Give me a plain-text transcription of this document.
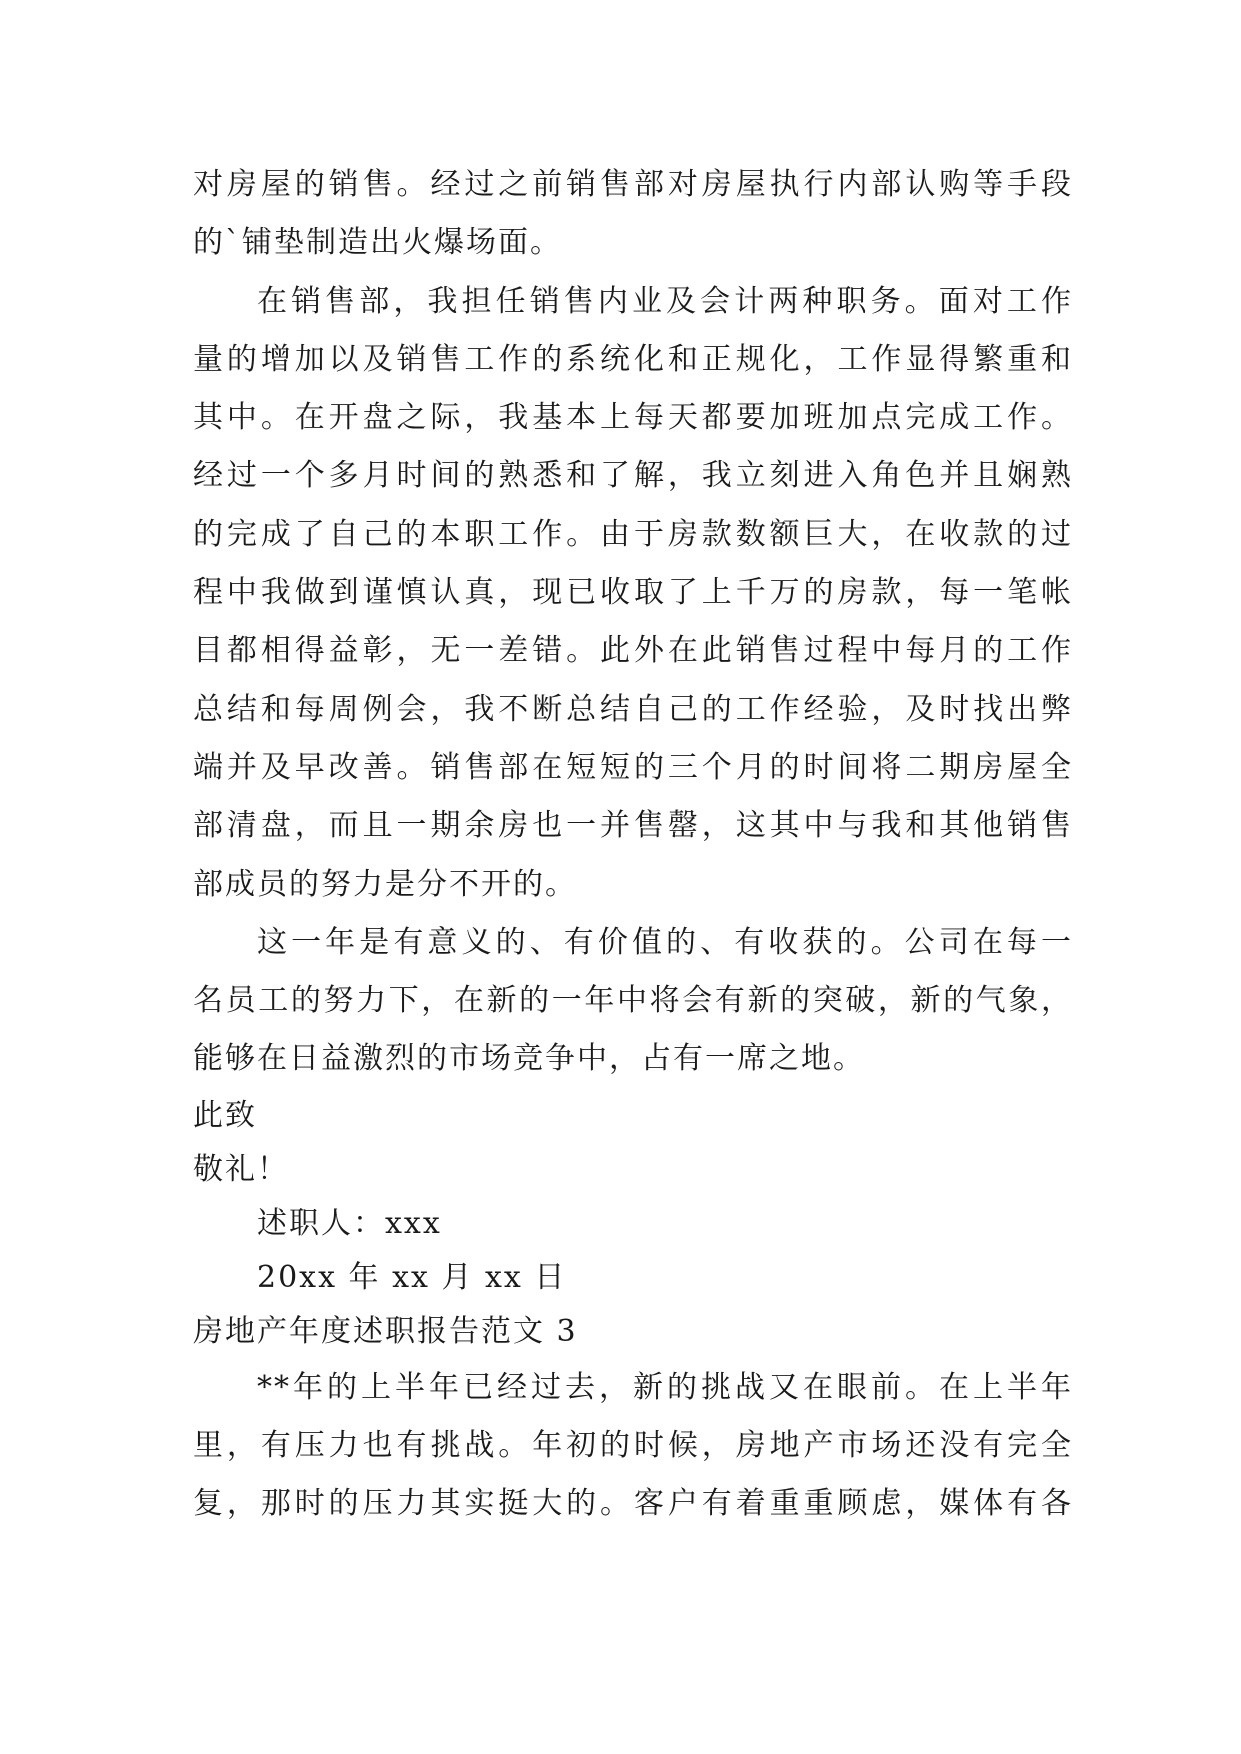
对房屋的销售。经过之前销售部对房屋执行内部认购等手段
的`铺垫制造出火爆场面。
在销售部，我担任销售内业及会计两种职务。面对工作
量的增加以及销售工作的系统化和正规化，工作显得繁重和
其中。在开盘之际，我基本上每天都要加班加点完成工作。
经过一个多月时间的熟悉和了解，我立刻进入角色并且娴熟
的完成了自己的本职工作。由于房款数额巨大，在收款的过
程中我做到谨慎认真，现已收取了上千万的房款，每一笔帐
目都相得益彰，无一差错。此外在此销售过程中每月的工作
总结和每周例会，我不断总结自己的工作经验，及时找出弊
端并及早改善。销售部在短短的三个月的时间将二期房屋全
部清盘，而且一期余房也一并售罄，这其中与我和其他销售
部成员的努力是分不开的。
这一年是有意义的、有价值的、有收获的。公司在每一
名员工的努力下，在新的一年中将会有新的突破，新的气象，
能够在日益激烈的市场竞争中，占有一席之地。
此致
敬礼！
述职人：xxx
20xx 年 xx 月 xx 日
房地产年度述职报告范文 3
**年的上半年已经过去，新的挑战又在眼前。在上半年
里，有压力也有挑战。年初的时候，房地产市场还没有完全
复，那时的压力其实挺大的。客户有着重重顾虑，媒体有各
